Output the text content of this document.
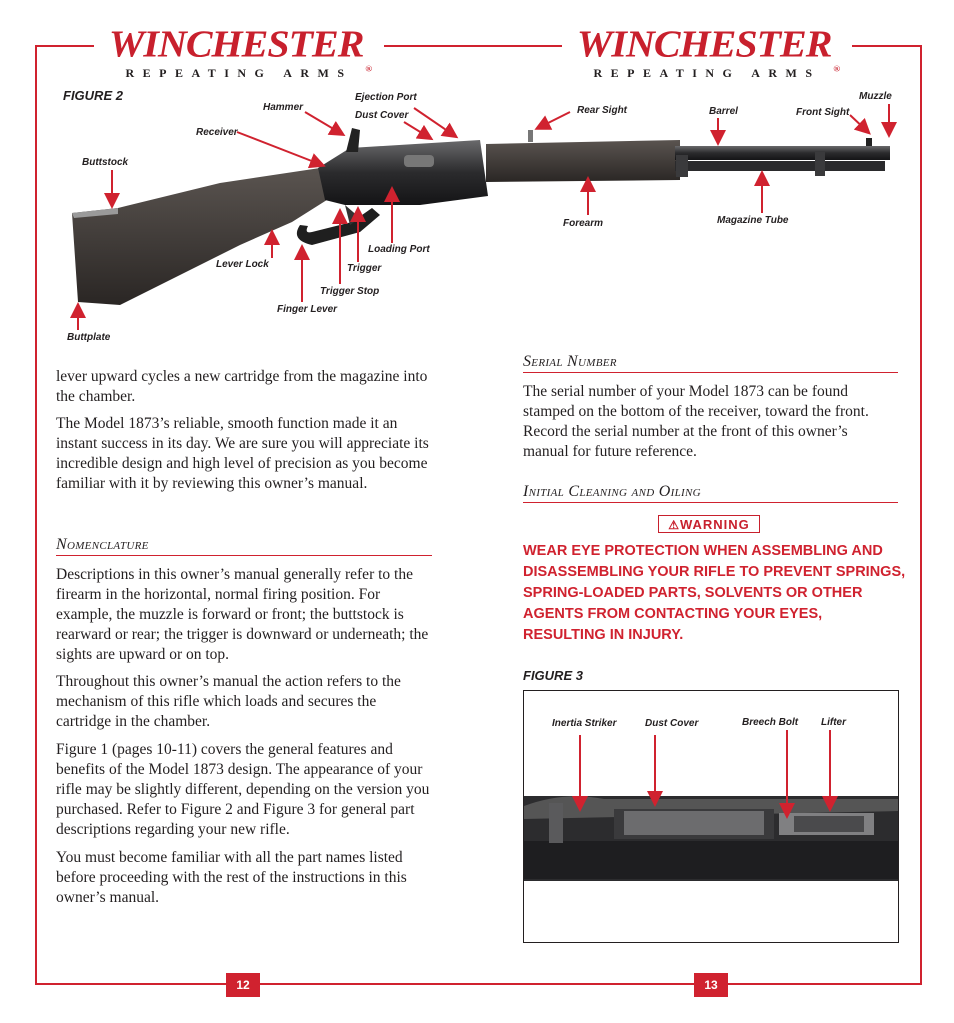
WINCHESTER®
REPEATING ARMS
WINCHESTER®
REPEATING ARMS
FIGURE 2
Hammer
Ejection Port
Dust Cover	Rear Sight	Barrel	Front Sight
Muzzle
Receiver
Buttstock
Forearm	Magazine Tube
Loading Port
Lever Lock	Trigger
Trigger Stop
Finger Lever
Buttplate

lever upward cycles a new cartridge from the magazine into the chamber.

The Model 1873’s reliable, smooth function made it an instant success in its day. We are sure you will appreciate its incredible design and high level of precision as you become familiar with it by reviewing this owner’s manual.

Nomenclature

Descriptions in this owner’s manual generally refer to the firearm in the horizontal, normal firing position. For example, the muzzle is forward or front; the buttstock is rearward or rear; the trigger is downward or underneath; the sights are upward or on top.

Throughout this owner’s manual the action refers to the mechanism of this rifle which loads and secures the cartridge in the chamber.

Figure 1 (pages 10-11) covers the general features and benefits of the Model 1873 design. The appearance of your rifle may be slightly different, depending on the version you purchased. Refer to Figure 2 and Figure 3 for general part descriptions regarding your new rifle.

You must become familiar with all the part names listed before proceeding with the rest of the instructions in this owner’s manual.

Serial Number

The serial number of your Model 1873 can be found stamped on the bottom of the receiver, toward the front. Record the serial number at the front of this owner’s manual for future reference.

Initial Cleaning and Oiling
⚠WARNING

WEAR EYE PROTECTION WHEN ASSEMBLING AND DISASSEMBLING YOUR RIFLE TO PREVENT SPRINGS, SPRING-LOADED PARTS, SOLVENTS OR OTHER AGENTS FROM CONTACTING YOUR EYES, RESULTING IN INJURY.

FIGURE 3
Inertia Striker	Dust Cover	Breech Bolt Lifter
12	13
